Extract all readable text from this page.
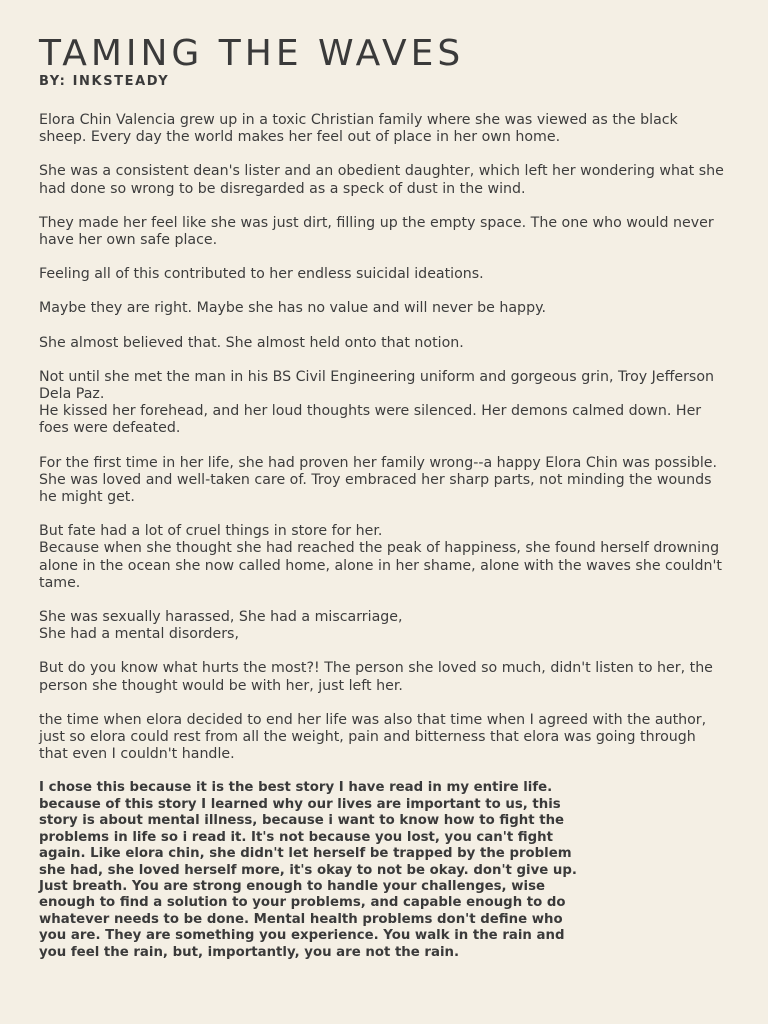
TAMING THE WAVES
BY: INKSTEADY

Elora Chin Valencia grew up in a toxic Christian family where she was viewed as the black sheep. Every day the world makes her feel out of place in her own home.

She was a consistent dean's lister and an obedient daughter, which left her wondering what she had done so wrong to be disregarded as a speck of dust in the wind.

They made her feel like she was just dirt, filling up the empty space. The one who would never have her own safe place.

Feeling all of this contributed to her endless suicidal ideations.

Maybe they are right. Maybe she has no value and will never be happy.

She almost believed that. She almost held onto that notion.

Not until she met the man in his BS Civil Engineering uniform and gorgeous grin, Troy Jefferson Dela Paz.
He kissed her forehead, and her loud thoughts were silenced. Her demons calmed down. Her foes were defeated.

For the first time in her life, she had proven her family wrong--a happy Elora Chin was possible. She was loved and well-taken care of. Troy embraced her sharp parts, not minding the wounds he might get.

But fate had a lot of cruel things in store for her.
Because when she thought she had reached the peak of happiness, she found herself drowning alone in the ocean she now called home, alone in her shame, alone with the waves she couldn't tame.

She was sexually harassed, She had a miscarriage,
She had a mental disorders,

But do you know what hurts the most?! The person she loved so much, didn't listen to her, the person she thought would be with her, just left her.

the time when elora decided to end her life was also that time when I agreed with the author, just so elora could rest from all the weight, pain and bitterness that elora was going through that even I couldn't handle.

I chose this because it is the best story I have read in my entire life. because of this story I learned why our lives are important to us, this story is about mental illness, because i want to know how to fight the problems in life so i read it. It's not because you lost, you can't fight again. Like elora chin, she didn't let herself be trapped by the problem she had, she loved herself more, it's okay to not be okay. don't give up. Just breath. You are strong enough to handle your challenges, wise enough to find a solution to your problems, and capable enough to do whatever needs to be done. Mental health problems don't define who you are. They are something you experience. You walk in the rain and you feel the rain, but, importantly, you are not the rain.
